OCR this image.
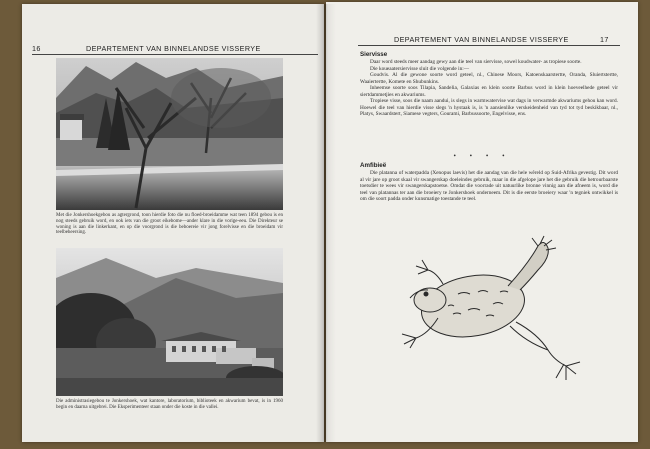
16	DEPARTEMENT VAN BINNELANDSE VISSERYE
Met die Jonkershoekgebou as agtergrond, toon hierdie foto die nu floed-broeidamme wat teen 1894 gebou is en nog steeds gebruik word, en ook iets van die groot eikebome—ander klare in die vorige-eeu. Die Direkteur se woning is aan die linkerkant, en op die voorgrond is die beboereie vir jong forelvisse en die broeidam vir teelbeheersing.
Die administrasiegebou te Jonkershoek, wat kantore, laboratorium, biblioteek en akwarium bevat, is in 1960 begin en daarna uitgebrei. Die Eksperimenteer staan onder die koste in die vallei.
DEPARTEMENT VAN BINNELANDSE VISSERYE	17
Siervisse

Daar word steeds meer aandag gewy aan die teel van siervisse, sowel koudwater- as tropiese soorte.

Die koueaatersiervisse sluit die volgende in:—

Goudvis. Al die gewone soorte word geteel, nl., Chinese Moors, Katoenskaarstertte, Oranda, Sluiertstertte, Waaiertertte, Komete en Shubunkins.

Inheemse soorte soos Tilapia, Sandelia, Galaxias en klein soorte Barbus word in klein hoeveelhede geteel vir siertdammetjies en akwariums.

Tropiese visse, soos die naam aandui, is slegs in warmwatervise wat dags in verwarmde akwariums gehou kan word. Hoewel die teel van hierdie visse slegs 'n hystaak is, is 'n aansienlike verskeidenheid van tyd tot tyd beskikbaar, nl., Platys, Swaardstert, Siamese vegters, Gourami, Barbussoorte, Engelvisse, ens.

• • • •
Amfibieë

Die platanna of waterpadda (Xenopus laevis) het die aandag van die hele wêreld op Suid-Afrika gevestig. Dit word al vir jare op groot skaal vir swangerskap doeleindes gebruik, maar in die afgelope jare het die gebruik die hetrourbaarste toetsdier te wees vir swangerskapstoetse. Omdat die voorrade uit natuurlike bronne vinnig aan die afneem is, word die teel van platannas ter aan die broeiery te Jonkershoek onderneem. Dit is die eerste broeiery waar 'n tegniek ontwikkel is om die soort padda onder kunsmatige toestande te teel.
